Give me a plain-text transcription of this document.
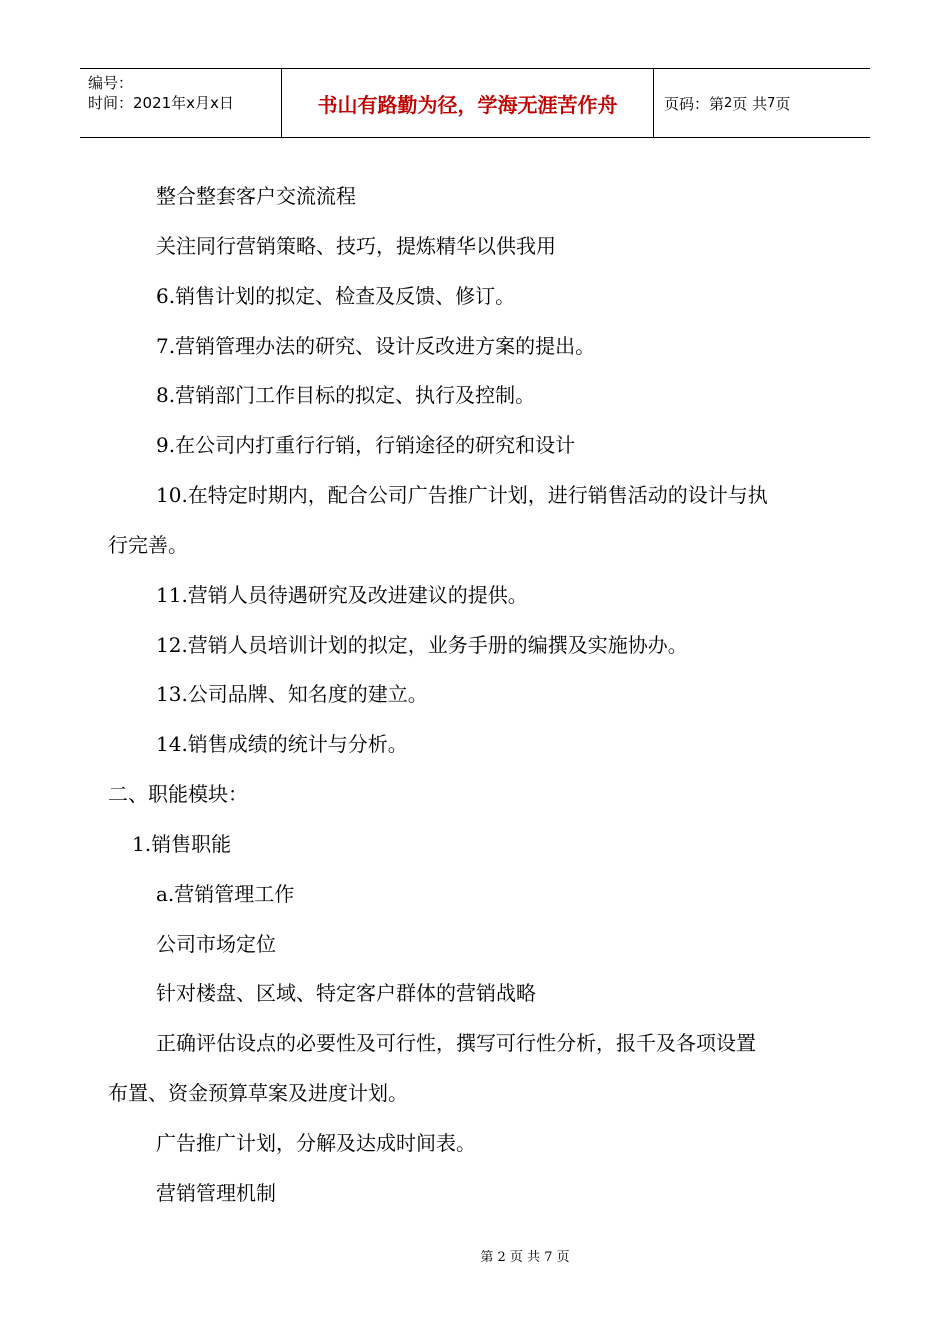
编号：
时间：2021年x月x日	书山有路勤为径，学海无涯苦作舟	页码：第 2 页 共 7 页
整合整套客户交流流程
关注同行营销策略、技巧，提炼精华以供我用
6.销售计划的拟定、检查及反馈、修订。
7.营销管理办法的研究、设计反改进方案的提出。
8.营销部门工作目标的拟定、执行及控制。
9.在公司内打重行行销，行销途径的研究和设计
10.在特定时期内，配合公司广告推广计划，进行销售活动的设计与执
行完善。
11.营销人员待遇研究及改进建议的提供。
12.营销人员培训计划的拟定，业务手册的编撰及实施协办。
13.公司品牌、知名度的建立。
14.销售成绩的统计与分析。
二、职能模块：
1.销售职能
a.营销管理工作
公司市场定位
针对楼盘、区域、特定客户群体的营销战略
正确评估设点的必要性及可行性，撰写可行性分析，报千及各项设置
布置、资金预算草案及进度计划。
广告推广计划，分解及达成时间表。
营销管理机制
第 2 页 共 7 页
